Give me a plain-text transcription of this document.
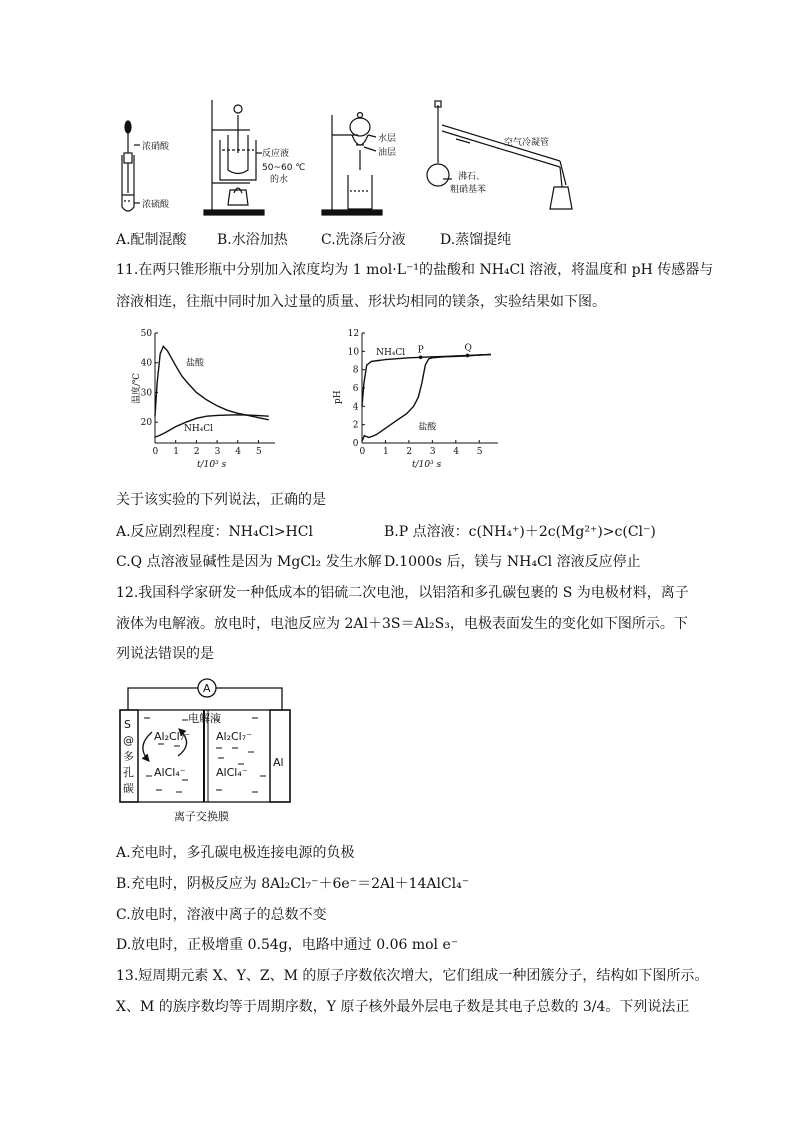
浓硝酸
浓硫酸
反应液
50~60 ℃
的水
水层
油层
空气冷凝管
沸石、
粗硝基苯
A.配制混酸 B.水浴加热 C.洗涤后分液 D.蒸馏提纯
11.在两只锥形瓶中分别加入浓度均为 1 mol·L⁻¹的盐酸和 NH₄Cl 溶液，将温度和 pH 传感器与
溶液相连，往瓶中同时加入过量的质量、形状均相同的镁条，实验结果如下图。
0 1 2 3 4 5
20
30
40
50
t/10³ s
温度/℃
盐酸
NH₄Cl
0 1 2 3 4 5
0
2
4
6
8
10
12
t/10³ s
pH
NH₄Cl
盐酸
P	Q
关于该实验的下列说法，正确的是
A.反应剧烈程度：NH₄Cl>HCl	B.P 点溶液：c(NH₄⁺)＋2c(Mg²⁺)>c(Cl⁻)
C.Q 点溶液显碱性是因为 MgCl₂ 发生水解 D.1000s 后，镁与 NH₄Cl 溶液反应停止
12.我国科学家研发一种低成本的铝硫二次电池，以铝箔和多孔碳包裹的 S 为电极材料，离子
液体为电解液。放电时，电池反应为 2Al＋3S＝Al₂S₃，电极表面发生的变化如下图所示。下
列说法错误的是
A
电解液
S
@
多
孔
碳
Al
Al₂Cl₇⁻
AlCl₄⁻
Al₂Cl₇⁻
AlCl₄⁻
离子交换膜
A.充电时，多孔碳电极连接电源的负极
B.充电时，阴极反应为 8Al₂Cl₇⁻＋6e⁻＝2Al＋14AlCl₄⁻
C.放电时，溶液中离子的总数不变
D.放电时，正极增重 0.54g，电路中通过 0.06 mol e⁻
13.短周期元素 X、Y、Z、M 的原子序数依次增大，它们组成一种团簇分子，结构如下图所示。
X、M 的族序数均等于周期序数，Y 原子核外最外层电子数是其电子总数的 3/4。下列说法正
